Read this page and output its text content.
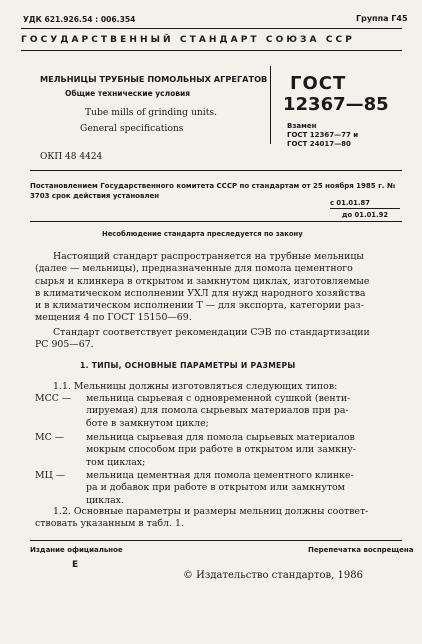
УДК 621.926.54 : 006.354	Группа Г45
ГОСУДАРСТВЕННЫЙ СТАНДАРТ СОЮЗА ССР
МЕЛЬНИЦЫ ТРУБНЫЕ ПОМОЛЬНЫХ АГРЕГАТОВ
Общие технические условия
Tube mills of grinding units.
General specifications
ГОСТ
12367—85
Взамен
ГОСТ 12367—77 и
ГОСТ 24017—80
ОКП 48 4424
Постановлением Государственного комитета СССР по стандартам от 25 ноября 1985 г. № 3703 срок действия установлен
с 01.01.87
до 01.01.92
Несоблюдение стандарта преследуется по закону
Настоящий стандарт распространяется на трубные мельницы
(далее — мельницы), предназначенные для помола цементного
сырья и клинкера в открытом и замкнутом циклах, изготовляемые
в климатическом исполнении УХЛ для нужд народного хозяйства
и в климатическом исполнении Т — для экспорта, категории раз-
мещения 4 по ГОСТ 15150—69.
Стандарт соответствует рекомендации СЭВ по стандартизации
РС 905—67.
1. ТИПЫ, ОСНОВНЫЕ ПАРАМЕТРЫ И РАЗМЕРЫ
1.1. Мельницы должны изготовляться следующих типов:
МСС — мельница сырьевая с одновременной сушкой (венти-
лируемая) для помола сырьевых материалов при ра-
боте в замкнутом цикле;
МС — мельница сырьевая для помола сырьевых материалов
мокрым способом при работе в открытом или замкну-
том циклах;
МЦ — мельница цементная для помола цементного клинке-
ра и добавок при работе в открытом или замкнутом
циклах.
1.2. Основные параметры и размеры мельниц должны соответ-
ствовать указанным в табл. 1.
Издание официальное	Перепечатка воспрещена
Е
© Издательство стандартов, 1986
